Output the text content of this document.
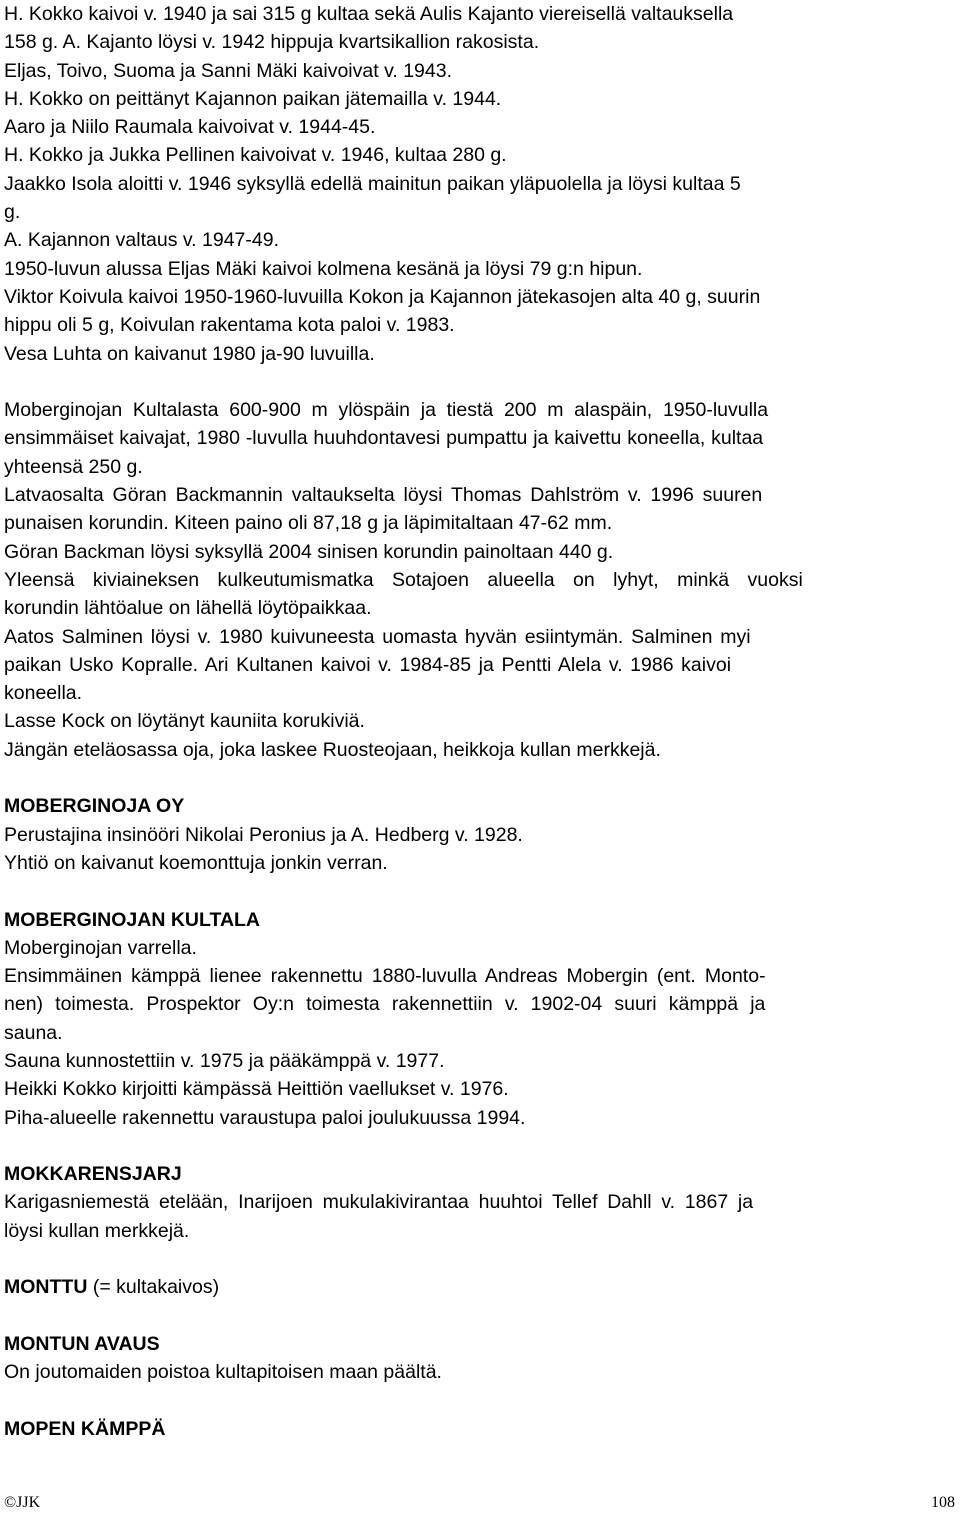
H. Kokko kaivoi v. 1940 ja sai 315 g kultaa sekä Aulis Kajanto viereisellä valtauksella
158 g. A. Kajanto löysi v. 1942 hippuja kvartsikallion rakosista.
Eljas, Toivo, Suoma ja Sanni Mäki kaivoivat v. 1943.
H. Kokko on peittänyt Kajannon paikan jätemailla v. 1944.
Aaro ja Niilo Raumala kaivoivat v. 1944-45.
H. Kokko ja Jukka Pellinen kaivoivat v. 1946, kultaa 280 g.
Jaakko Isola aloitti v. 1946 syksyllä edellä mainitun paikan yläpuolella ja löysi kultaa 5
g.
A. Kajannon valtaus v. 1947-49.
1950-luvun alussa Eljas Mäki kaivoi kolmena kesänä ja löysi 79 g:n hipun.
Viktor Koivula kaivoi 1950-1960-luvuilla Kokon ja Kajannon jätekasojen alta 40 g, suurin
hippu oli 5 g, Koivulan rakentama kota paloi v. 1983.
Vesa Luhta on kaivanut 1980 ja-90 luvuilla.
Moberginojan Kultalasta 600-900 m ylöspäin ja tiestä 200 m alaspäin, 1950-luvulla
ensimmäiset kaivajat, 1980 -luvulla huuhdontavesi pumpattu ja kaivettu koneella, kultaa
yhteensä 250 g.
Latvaosalta Göran Backmannin valtaukselta löysi Thomas Dahlström v. 1996 suuren
punaisen korundin. Kiteen paino oli 87,18 g ja läpimitaltaan 47-62 mm.
Göran Backman löysi syksyllä 2004 sinisen korundin painoltaan 440 g.
Yleensä kiviaineksen kulkeutumismatka Sotajoen alueella on lyhyt, minkä vuoksi
korundin lähtöalue on lähellä löytöpaikkaa.
Aatos Salminen löysi v. 1980 kuivuneesta uomasta hyvän esiintymän. Salminen myi
paikan Usko Kopralle. Ari Kultanen kaivoi v. 1984-85 ja Pentti Alela v. 1986 kaivoi
koneella.
Lasse Kock on löytänyt kauniita korukiviä.
Jängän eteläosassa oja, joka laskee Ruosteojaan, heikkoja kullan merkkejä.
MOBERGINOJA OY
Perustajina insinööri Nikolai Peronius ja A. Hedberg v. 1928.
Yhtiö on kaivanut koemonttuja jonkin verran.
MOBERGINOJAN KULTALA
Moberginojan varrella.
Ensimmäinen kämppä lienee rakennettu 1880-luvulla Andreas Mobergin (ent. Monto-
nen) toimesta. Prospektor Oy:n toimesta rakennettiin v. 1902-04 suuri kämppä ja
sauna.
Sauna kunnostettiin v. 1975 ja pääkämppä v. 1977.
Heikki Kokko kirjoitti kämpässä Heittiön vaellukset v. 1976.
Piha-alueelle rakennettu varaustupa paloi joulukuussa 1994.
MOKKARENSJARJ
Karigasniemestä etelään, Inarijoen mukulakivirantaa huuhtoi Tellef Dahll v. 1867 ja
löysi kullan merkkejä.
MONTTU (= kultakaivos)
MONTUN AVAUS
On joutomaiden poistoa kultapitoisen maan päältä.
MOPEN KÄMPPÄ
©JJK	108
